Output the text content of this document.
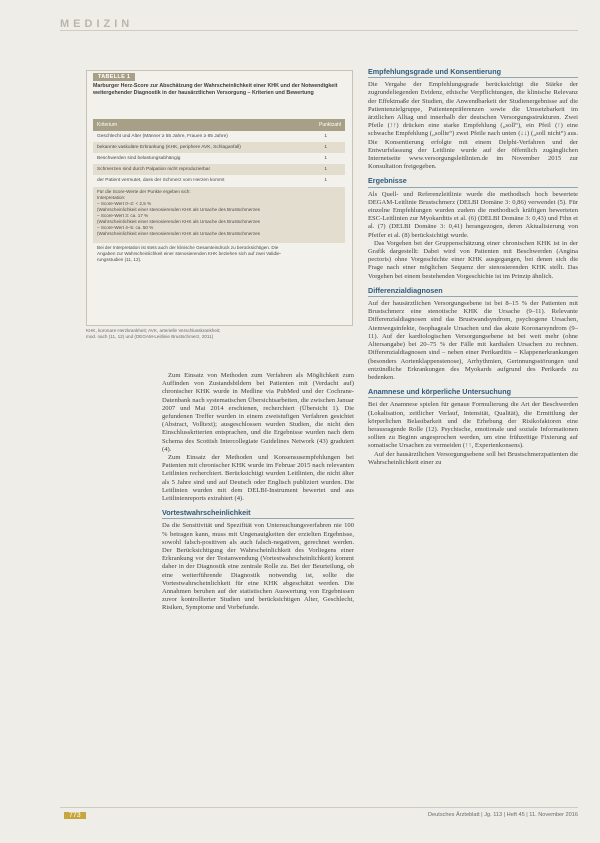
MEDIZIN
TABELLE 1
Marburger Herz-Score zur Abschätzung der Wahrscheinlichkeit einer KHK und der Notwendigkeit weitergehender Diagnostik in der hausärztlichen Versorgung – Kriterien und Bewertung
Kriterium	Punktzahl
Geschlecht und Alter (Männer ≥ 55 Jahre, Frauen ≥ 65 Jahre)	1
bekannte vaskuläre Erkrankung (KHK, periphere AVK, Schlaganfall)	1
Beschwerden sind belastungsabhängig	1
Schmerzen sind durch Palpation nicht reproduzierbar	1
der Patient vermutet, dass der Schmerz vom Herzen kommt	1
Für die Score-Werte der Punkte ergeben sich:
Interpretation:
– Score-Wert 0–2: < 2,5 %
(Wahrscheinlichkeit einer stenosierenden KHK als Ursache des Brustschmerzes
– Score-Wert 3: ca. 17 %
(Wahrscheinlichkeit einer stenosierenden KHK als Ursache des Brustschmerzes
– Score-Wert 4–5: ca. 50 %
(Wahrscheinlichkeit einer stenosierenden KHK als Ursache des Brustschmerzes
Bei der Interpretation ist stets auch der klinische Gesamteindruck zu berücksichtigen. Die
Angaben zur Wahrscheinlichkeit einer stenosierenden KHK beziehen sich auf zwei Validie-
rungsstudien (11, 12).
KHK, koronare Herzkrankheit; AVK, arterielle Verschlusskrankheit;
mod. nach (11, 12) und (DEGAM-Leitlinie Brustschmerz, 2011)

Zum Einsatz von Methoden zum Verfahren als Möglichkeit zum Auffinden von Zustandsbildern bei Patienten mit (Verdacht auf) chronischer KHK wurde in Medline via PubMed und der Cochrane-Datenbank nach systematischen Übersichtsarbeiten, die zwischen Januar 2007 und Mai 2014 erschienen, recherchiert (Übersicht 1). Die gefundenen Treffer wurden in einem zweistufigen Verfahren gesichtet (Abstract, Volltext); ausgeschlossen wurden Studien, die nicht den Einschlusskriterien entsprachen, und die Ergebnisse wurden nach dem Schema des Scottish Intercollegiate Guidelines Network (43) graduiert (4).

Zum Einsatz der Methoden und Konsensusempfehlungen bei Patienten mit chronischer KHK wurde im Februar 2015 nach relevanten Leitlinien recherchiert. Berücksichtigt wurden Leitlinien, die nicht älter als 5 Jahre sind und auf Deutsch oder Englisch publiziert wurden. Die Leitlinien wurden mit dem DELBI-Instrument bewertet und aus Leitlinienreports extrahiert (4).

Vortestwahrscheinlichkeit

Da die Sensitivität und Spezifität von Untersuchungsverfahren nie 100 % betragen kann, muss mit Ungenauigkeiten der erzielten Ergebnisse, sowohl falsch-positiven als auch falsch-negativen, gerechnet werden. Der Berücksichtigung der Wahrscheinlichkeit des Vorliegens einer Erkrankung vor der Testanwendung (Vortestwahrscheinlichkeit) kommt daher in der Diagnostik eine zentrale Rolle zu. Bei der Beurteilung, ob eine weiterführende Diagnostik notwendig ist, sollte die Vortestwahrscheinlichkeit für eine KHK abgeschätzt werden. Die Annahmen beruhen auf der statistischen Auswertung von Ergebnissen zuvor kontrollierter Studien und berücksichtigen Alter, Geschlecht, Risiken, Symptome und Vorbefunde.

Empfehlungsgrade und Konsentierung

Die Vergabe der Empfehlungsgrade berücksichtigt die Stärke der zugrundeliegenden Evidenz, ethische Verpflichtungen, die klinische Relevanz der Effektmaße der Studien, die Anwendbarkeit der Studienergebnisse auf die Patientenzielgruppe, Patientenpräferenzen sowie die Umsetzbarkeit im ärztlichen Alltag und innerhalb der deutschen Versorgungsstrukturen. Zwei Pfeile (↑↑) drücken eine starke Empfehlung („soll“), ein Pfeil (↑) eine schwache Empfehlung („sollte“) zwei Pfeile nach unten (↓↓) („soll nicht“) aus. Die Konsentierung erfolgte mit einem Delphi-Verfahren und der Entwurfsfassung der Leitlinie wurde auf der öffentlich zugänglichen Internetseite www.versorgungsleitlinien.de im November 2015 zur Konsultation freigegeben.

Ergebnisse

Als Quell- und Referenzleitlinie wurde die methodisch hoch bewertete DEGAM-Leitlinie Brustschmerz (DELBI Domäne 3: 0,86) verwendet (5). Für einzelne Empfehlungen wurden zudem die methodisch kräftigen bewerteten ESC-Leitlinien zur Myokarditis et al. (6) (DELBI Domäne 3: 0,43) und Fihn et al. (7) (DELBI Domäne 3: 0,41) herangezogen, deren Aktualisierung von Pfeifer et al. (8) berücksichtigt wurde.

Das Vorgehen bei der Gruppenschätzung einer chronischen KHK ist in der Grafik dargestellt: Dabei wird von Patienten mit Beschwerden (Angina pectoris) ohne Vorgeschichte einer KHK ausgegangen, bei denen sich die Frage nach einer möglichen Sequenz der stenosierenden KHK stellt. Das Vorgehen bei einem bestehenden Vorgeschichte ist im Prinzip ähnlich.

Differenzialdiagnosen

Auf der hausärztlichen Versorgungsebene ist bei 8–15 % der Patienten mit Brustschmerz eine stenotische KHK die Ursache (9–11). Relevante Differenzialdiagnosen sind das Brustwandsyndrom, psychogene Ursachen, Atemwegsinfekte, ösophageale Ursachen und das akute Koronarsyndrom (9–11). Auf der kardiologischen Versorgungsebene ist bei weit mehr (ohne Altersangabe) bei 20–75 % der Fälle mit kardialen Ursachen zu rechnen. Differenzialdiagnosen sind – neben einer Perikarditis – Klappenerkrankungen (besonders Aortenklappenstenose), Arrhythmien, Gerinnungsstörungen und entzündliche Erkrankungen des Myokards aufgrund des Perikards zu bedenken.

Anamnese und körperliche Untersuchung

Bei der Anamnese spielen für genaue Formulierung die Art der Beschwerden (Lokalisation, zeitlicher Verlauf, Intensität, Qualität), die Ermittlung der körperlichen Belastbarkeit und die Erhebung der Risikofaktoren eine herausragende Rolle (12). Psychische, emotionale und soziale Informationen sollten zu Beginn angesprochen werden, um eine frühzeitige Fixierung auf somatische Ursachen zu vermeiden (↑↑, Expertenkonsens).

Auf der hausärztlichen Versorgungsebene soll bei Brustschmerzpatienten die Wahrscheinlichkeit einer zu

773	Deutsches Ärzteblatt | Jg. 113 | Heft 45 | 11. November 2016
